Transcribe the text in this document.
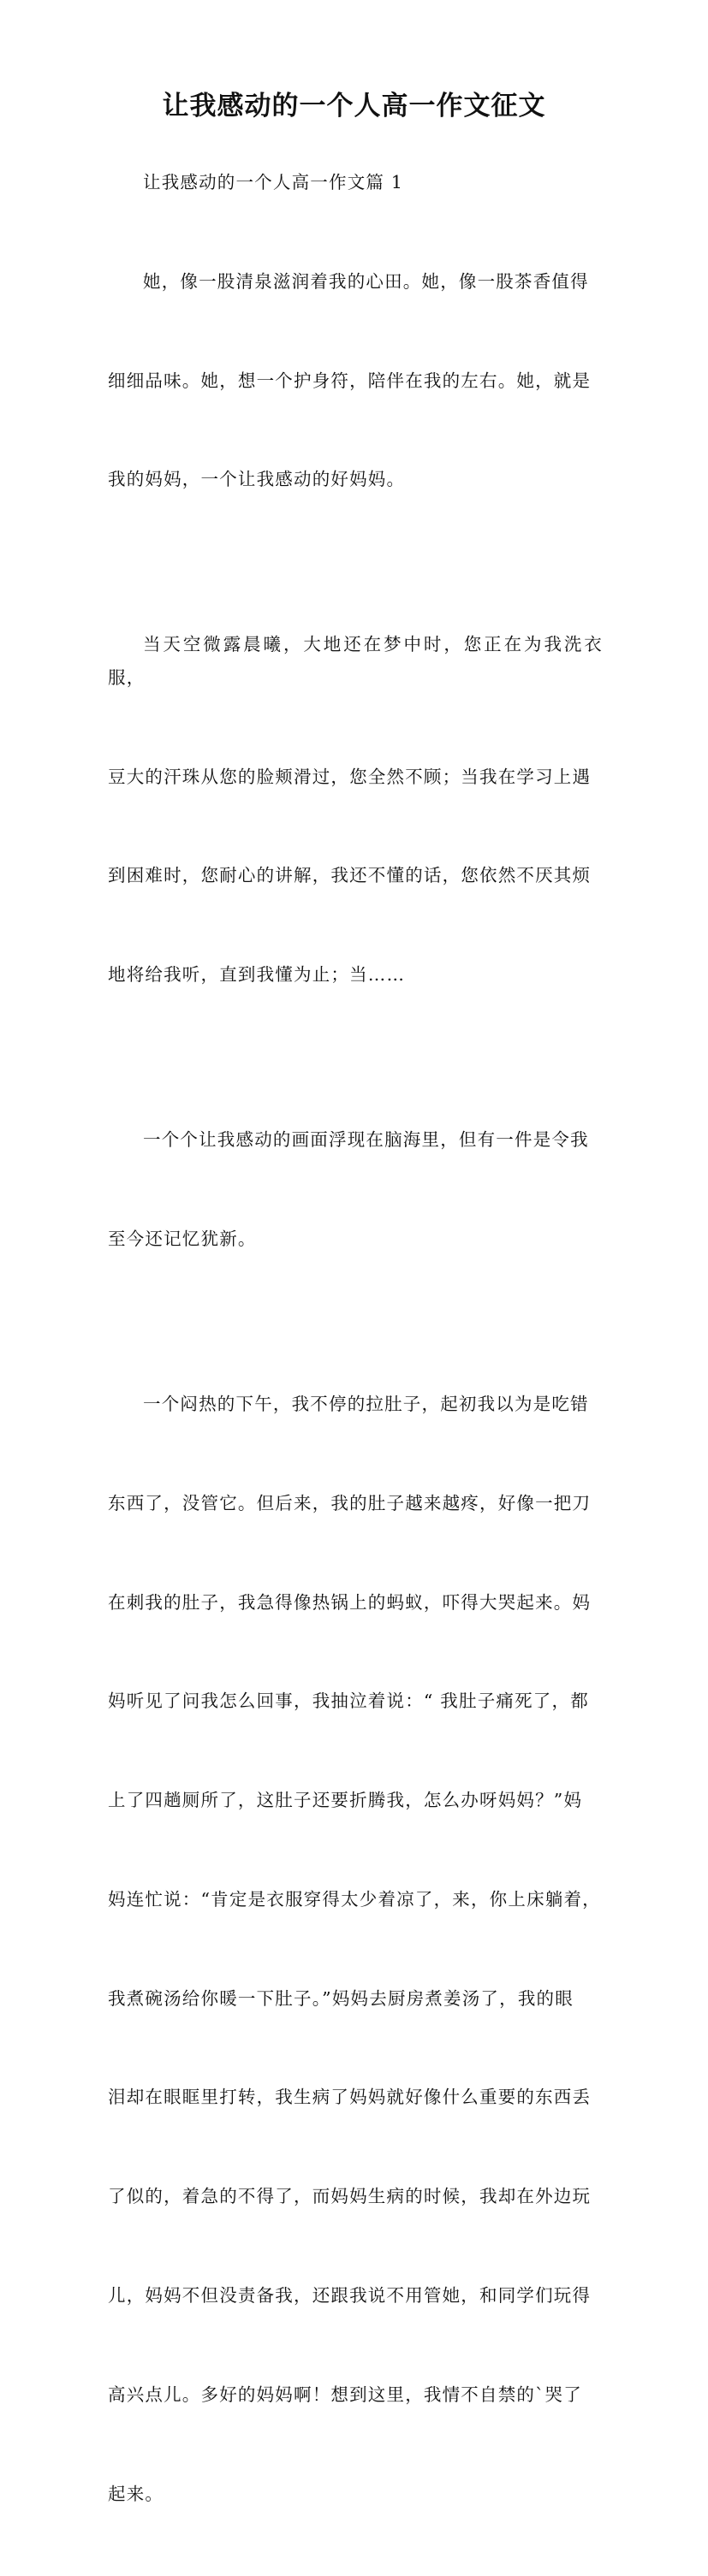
让我感动的一个人高一作文征文

让我感动的一个人高一作文篇 1

她，像一股清泉滋润着我的心田。她，像一股茶香值得

细细品味。她，想一个护身符，陪伴在我的左右。她，就是

我的妈妈，一个让我感动的好妈妈。

当天空微露晨曦，大地还在梦中时，您正在为我洗衣服，

豆大的汗珠从您的脸颊滑过，您全然不顾；当我在学习上遇

到困难时，您耐心的讲解，我还不懂的话，您依然不厌其烦

地将给我听，直到我懂为止；当……

一个个让我感动的画面浮现在脑海里，但有一件是令我

至今还记忆犹新。

一个闷热的下午，我不停的拉肚子，起初我以为是吃错

东西了，没管它。但后来，我的肚子越来越疼，好像一把刀

在刺我的肚子，我急得像热锅上的蚂蚁，吓得大哭起来。妈

妈听见了问我怎么回事，我抽泣着说：“ 我肚子痛死了，都

上了四趟厕所了，这肚子还要折腾我，怎么办呀妈妈？”妈

妈连忙说：“肯定是衣服穿得太少着凉了，来，你上床躺着，

我煮碗汤给你暖一下肚子。”妈妈去厨房煮姜汤了，我的眼

泪却在眼眶里打转，我生病了妈妈就好像什么重要的东西丢

了似的，着急的不得了，而妈妈生病的时候，我却在外边玩

儿，妈妈不但没责备我，还跟我说不用管她，和同学们玩得

高兴点儿。多好的妈妈啊！想到这里，我情不自禁的`哭了

起来。
